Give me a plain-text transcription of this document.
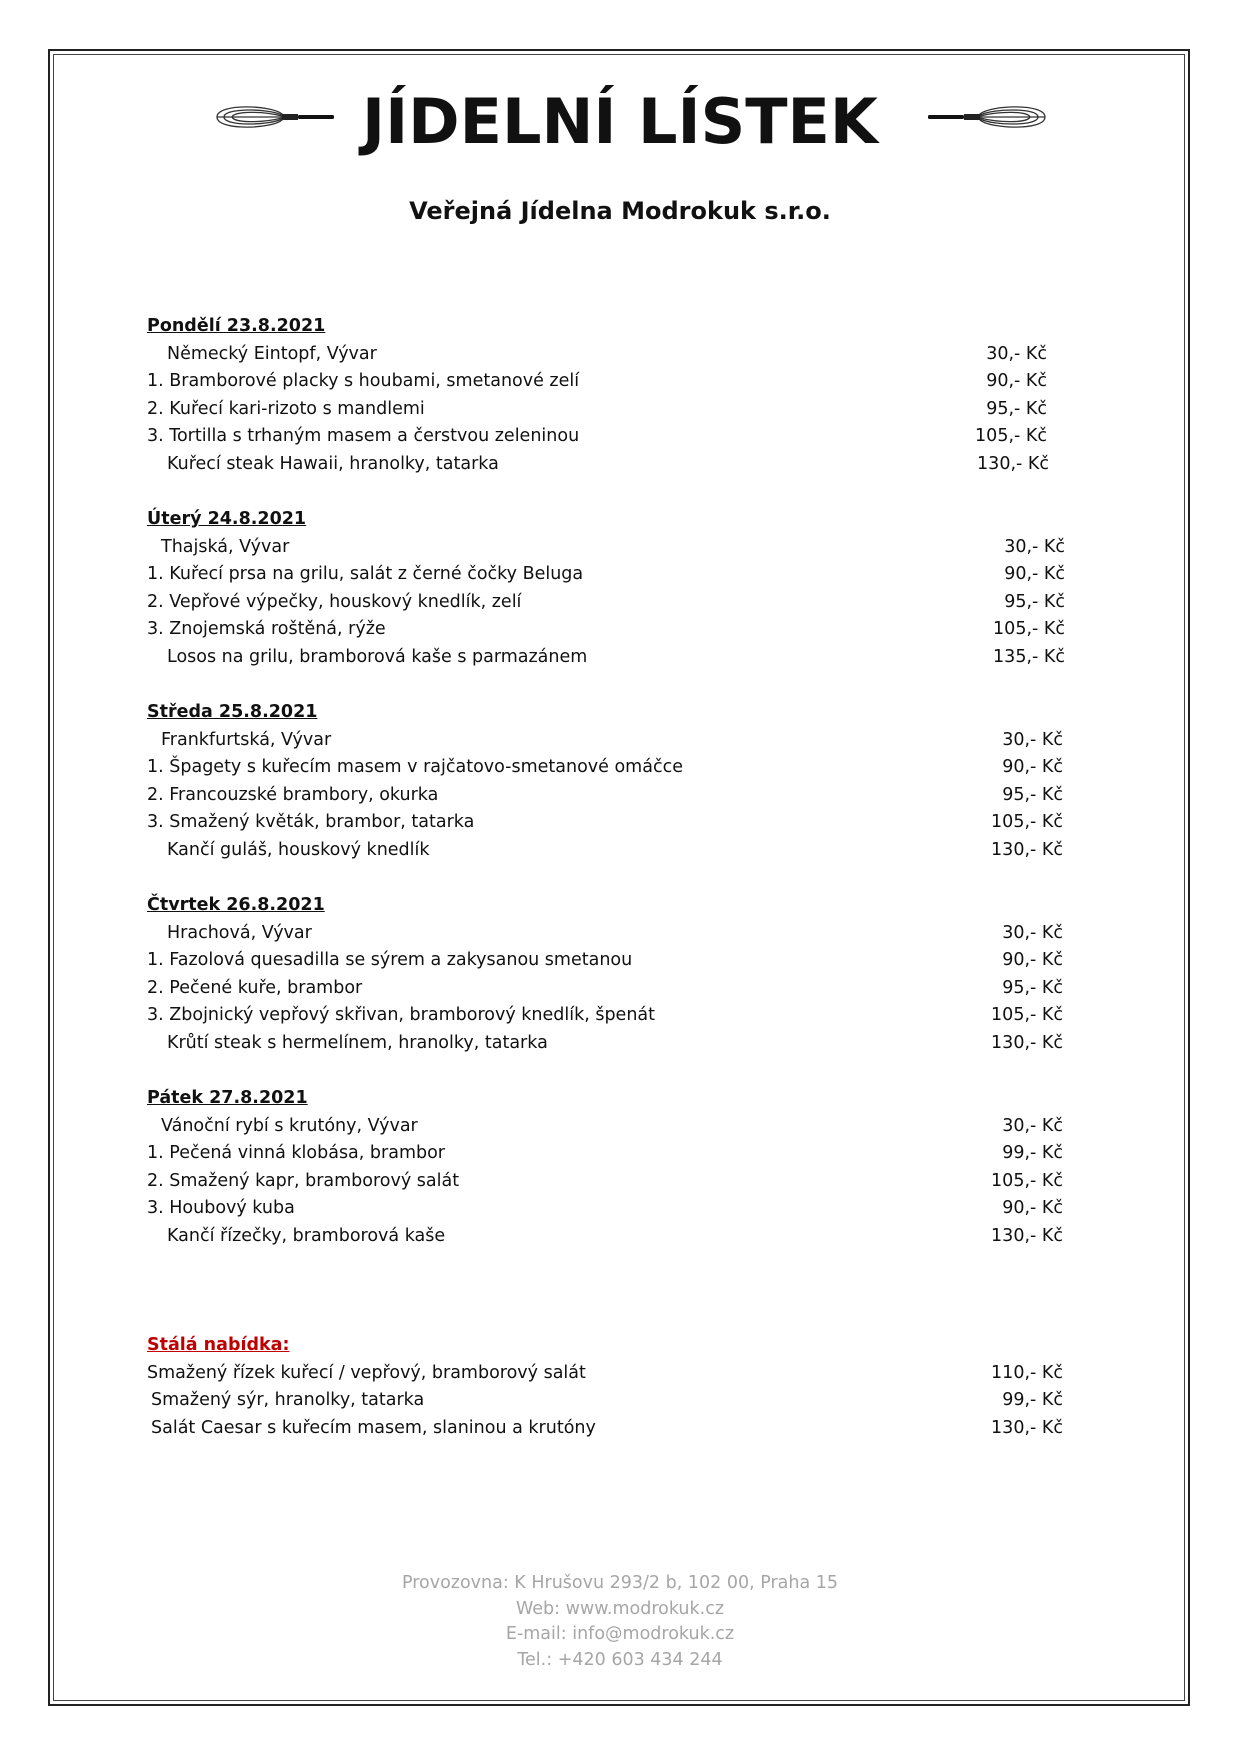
JÍDELNÍ LÍSTEK
Veřejná Jídelna Modrokuk s.r.o.
Pondělí 23.8.2021
Německý Eintopf, Vývar	30,- Kč
1. Bramborové placky s houbami, smetanové zelí	90,- Kč
2. Kuřecí kari-rizoto s mandlemi	95,- Kč
3. Tortilla s trhaným masem a čerstvou zeleninou	105,- Kč
Kuřecí steak Hawaii, hranolky, tatarka	130,- Kč
Úterý 24.8.2021
Thajská, Vývar	30,- Kč
1. Kuřecí prsa na grilu, salát z černé čočky Beluga	90,- Kč
2. Vepřové výpečky, houskový knedlík, zelí	95,- Kč
3. Znojemská roštěná, rýže	105,- Kč
Losos na grilu, bramborová kaše s parmazánem	135,- Kč
Středa 25.8.2021
Frankfurtská, Vývar	30,- Kč
1. Špagety s kuřecím masem v rajčatovo-smetanové omáčce	90,- Kč
2. Francouzské brambory, okurka	95,- Kč
3. Smažený květák, brambor, tatarka	105,- Kč
Kančí guláš, houskový knedlík	130,- Kč
Čtvrtek 26.8.2021
Hrachová, Vývar	30,- Kč
1. Fazolová quesadilla se sýrem a zakysanou smetanou	90,- Kč
2. Pečené kuře, brambor	95,- Kč
3. Zbojnický vepřový skřivan, bramborový knedlík, špenát	105,- Kč
Krůtí steak s hermelínem, hranolky, tatarka	130,- Kč
Pátek 27.8.2021
Vánoční rybí s krutóny, Vývar	30,- Kč
1. Pečená vinná klobása, brambor	99,- Kč
2. Smažený kapr, bramborový salát	105,- Kč
3. Houbový kuba	90,- Kč
Kančí řízečky, bramborová kaše	130,- Kč
Stálá nabídka:
Smažený řízek kuřecí / vepřový, bramborový salát	110,- Kč
Smažený sýr, hranolky, tatarka	99,- Kč
Salát Caesar s kuřecím masem, slaninou a krutóny	130,- Kč
Provozovna: K Hrušovu 293/2 b, 102 00, Praha 15
Web: www.modrokuk.cz
E-mail: info@modrokuk.cz
Tel.: +420 603 434 244
